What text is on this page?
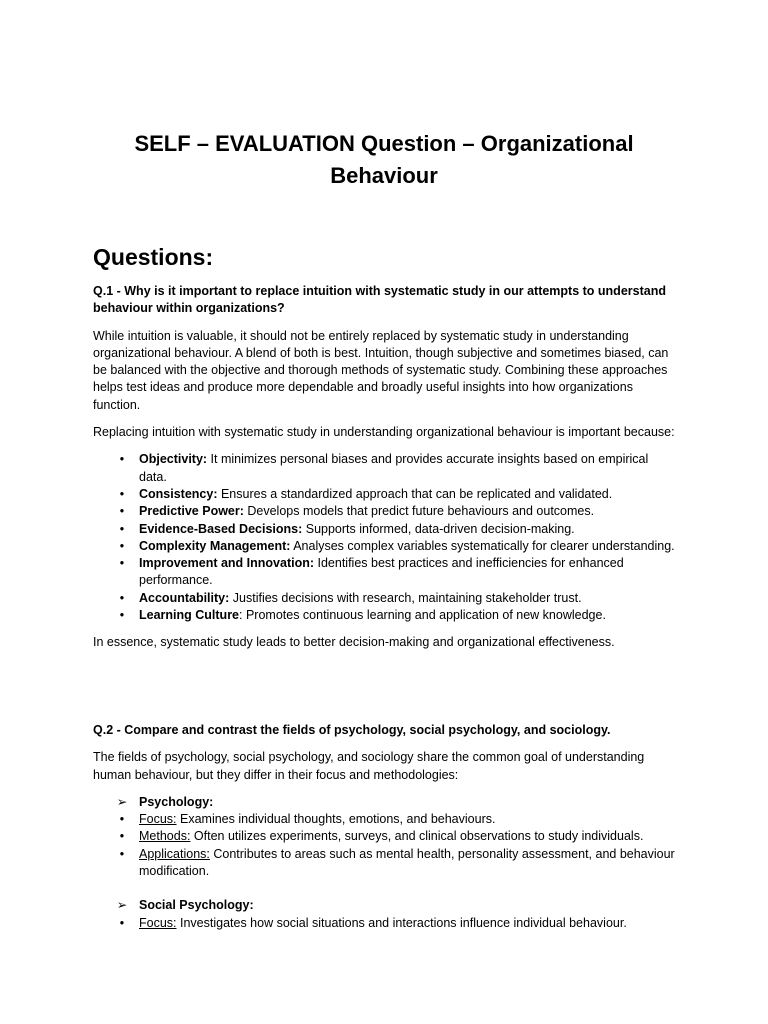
SELF – EVALUATION Question – Organizational Behaviour
Questions:

Q.1 - Why is it important to replace intuition with systematic study in our attempts to understand behaviour within organizations?

While intuition is valuable, it should not be entirely replaced by systematic study in understanding organizational behaviour. A blend of both is best. Intuition, though subjective and sometimes biased, can be balanced with the objective and thorough methods of systematic study. Combining these approaches helps test ideas and produce more dependable and broadly useful insights into how organizations function.

Replacing intuition with systematic study in understanding organizational behaviour is important because:

•	Objectivity: It minimizes personal biases and provides accurate insights based on empirical data.
•	Consistency: Ensures a standardized approach that can be replicated and validated.
•	Predictive Power: Develops models that predict future behaviours and outcomes.
•	Evidence-Based Decisions: Supports informed, data-driven decision-making.
•	Complexity Management: Analyses complex variables systematically for clearer understanding.
•	Improvement and Innovation: Identifies best practices and inefficiencies for enhanced performance.
•	Accountability: Justifies decisions with research, maintaining stakeholder trust.
•	Learning Culture: Promotes continuous learning and application of new knowledge.

In essence, systematic study leads to better decision-making and organizational effectiveness.

Q.2 - Compare and contrast the fields of psychology, social psychology, and sociology.

The fields of psychology, social psychology, and sociology share the common goal of understanding human behaviour, but they differ in their focus and methodologies:

➢ Psychology:
•	Focus: Examines individual thoughts, emotions, and behaviours.
•	Methods: Often utilizes experiments, surveys, and clinical observations to study individuals.
•	Applications: Contributes to areas such as mental health, personality assessment, and behaviour modification.
➢ Social Psychology:
•	Focus: Investigates how social situations and interactions influence individual behaviour.
